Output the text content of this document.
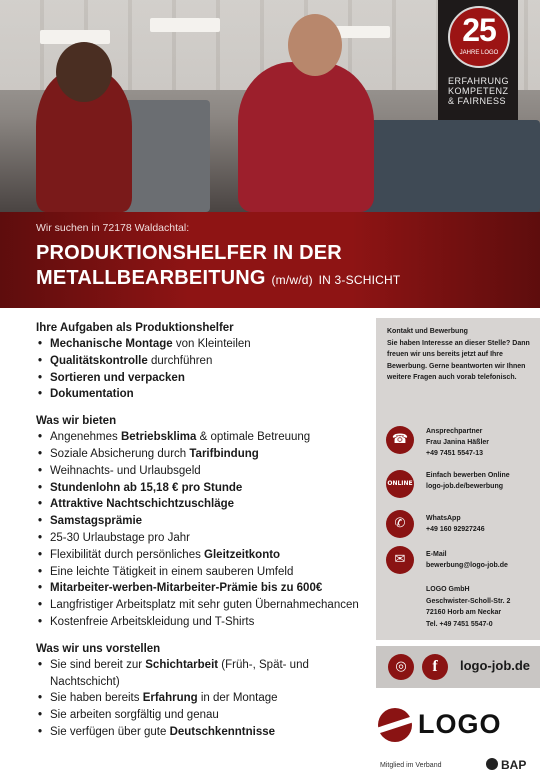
25
JAHRE LOGO
ERFAHRUNG
KOMPETENZ
& FAIRNESS
Wir suchen in 72178 Waldachtal:
PRODUKTIONSHELFER IN DER
METALLBEARBEITUNG (m/w/d) IN 3-SCHICHT
Ihre Aufgaben als Produktionshelfer
• Mechanische Montage von Kleinteilen
• Qualitätskontrolle durchführen
• Sortieren und verpacken
• Dokumentation
Was wir bieten
• Angenehmes Betriebsklima & optimale Betreuung
• Soziale Absicherung durch Tarifbindung
• Weihnachts- und Urlaubsgeld
• Stundenlohn ab 15,18 € pro Stunde
• Attraktive Nachtschichtzuschläge
• Samstagsprämie
• 25-30 Urlaubstage pro Jahr
• Flexibilität durch persönliches Gleitzeitkonto
• Eine leichte Tätigkeit in einem sauberen Umfeld
• Mitarbeiter-werben-Mitarbeiter-Prämie bis zu 600€
• Langfristiger Arbeitsplatz mit sehr guten Übernahmechancen
• Kostenfreie Arbeitskleidung und T-Shirts
Was wir uns vorstellen
• Sie sind bereit zur Schichtarbeit (Früh-, Spät- und Nachtschicht)
• Sie haben bereits Erfahrung in der Montage
• Sie arbeiten sorgfältig und genau
• Sie verfügen über gute Deutschkenntnisse
Kontakt und Bewerbung
Sie haben Interesse an dieser Stelle? Dann freuen wir uns bereits jetzt auf Ihre Bewerbung. Gerne beantworten wir Ihnen weitere Fragen auch vorab telefonisch.
☎
Ansprechpartner
Frau Janina Häßler
+49 7451 5547-13
ONLINE
Einfach bewerben Online
logo-job.de/bewerbung
✆	WhatsApp
+49 160 92927246
✉	E-Mail
bewerbung@logo-job.de
LOGO GmbH
Geschwister-Scholl-Str. 2
72160 Horb am Neckar
Tel. +49 7451 5547-0
◎	f	logo-job.de
LOGO
Mitglied im Verband	BAP
